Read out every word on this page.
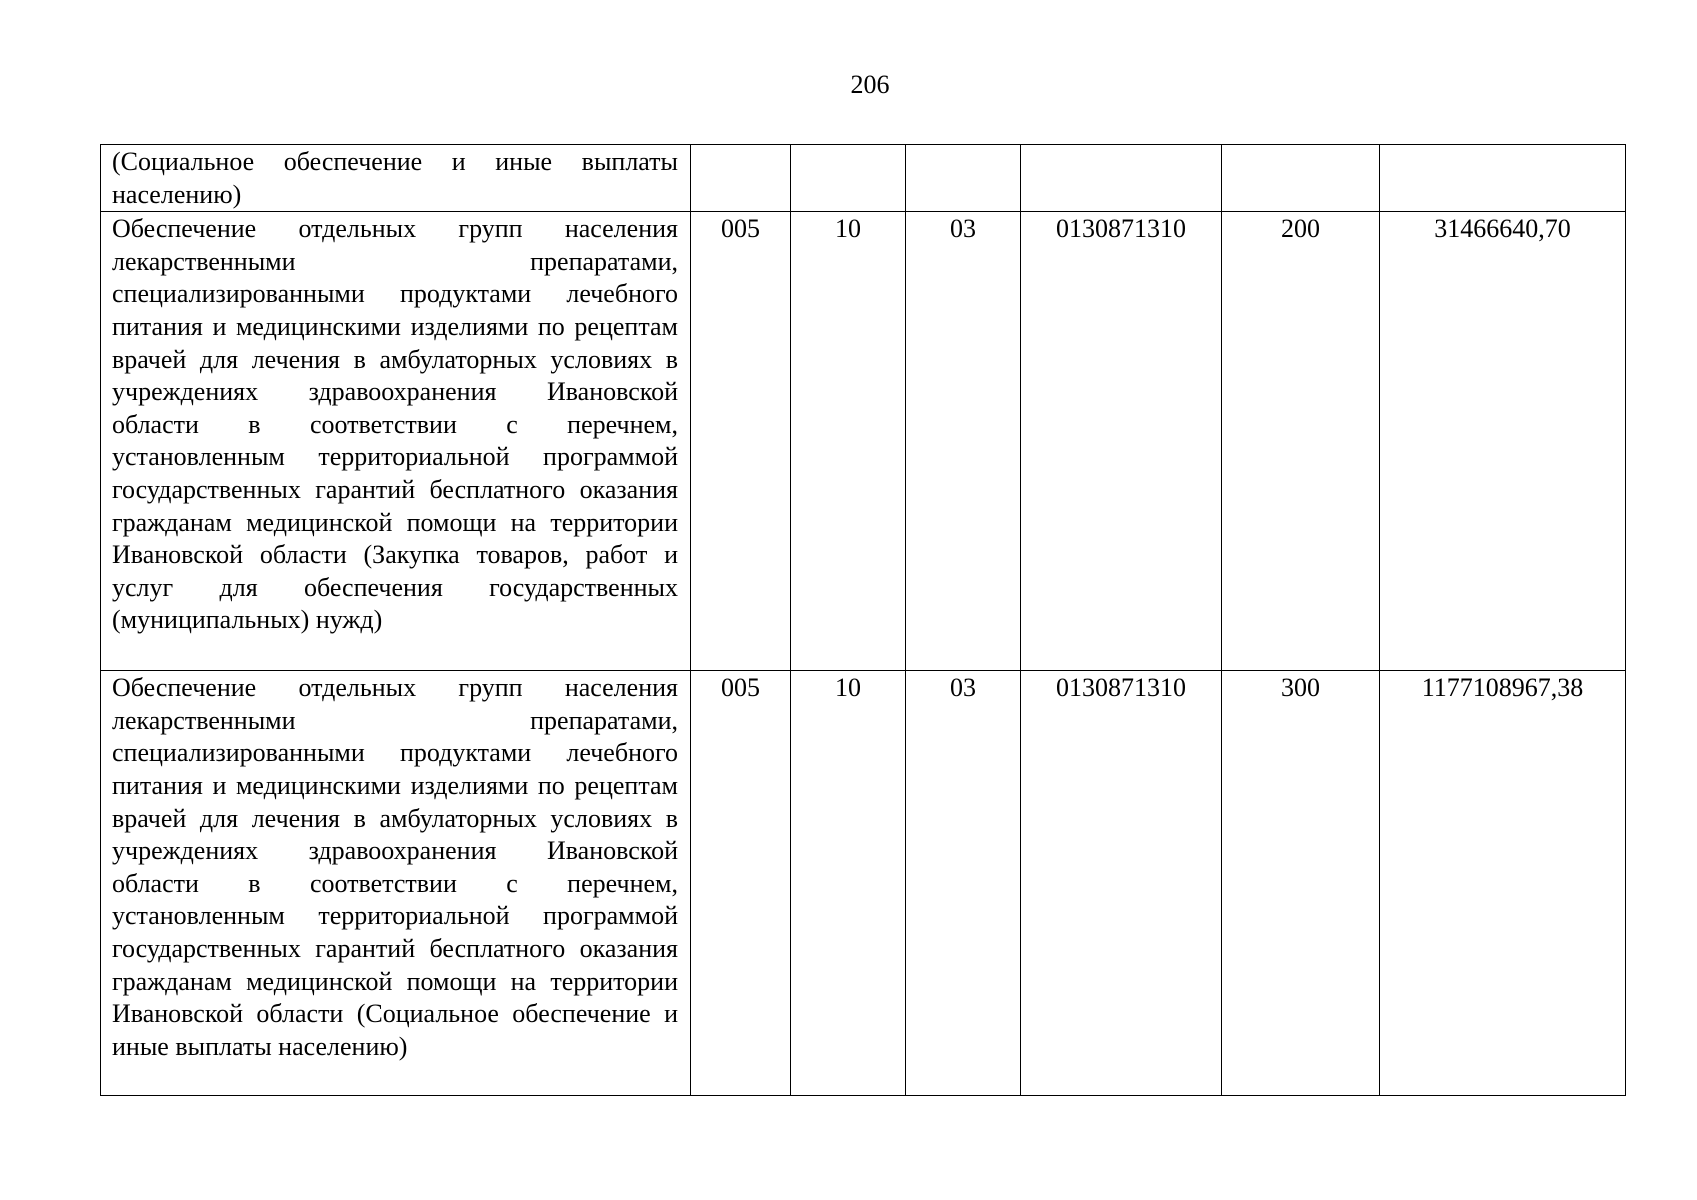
206
(Социальное обеспечение и иные выплаты населению)						
Обеспечение отдельных групп населения лекарственными препаратами, специализированными продуктами лечебного питания и медицинскими изделиями по рецептам врачей для лечения в амбулаторных условиях в учреждениях здравоохранения Ивановской области в соответствии с перечнем, установленным территориальной программой государственных гарантий бесплатного оказания гражданам медицинской помощи на территории Ивановской области (Закупка товаров, работ и услуг для обеспечения государственных (муниципальных) нужд)	005	10	03	0130871310	200	31466640,70
Обеспечение отдельных групп населения лекарственными препаратами, специализированными продуктами лечебного питания и медицинскими изделиями по рецептам врачей для лечения в амбулаторных условиях в учреждениях здравоохранения Ивановской области в соответствии с перечнем, установленным территориальной программой государственных гарантий бесплатного оказания гражданам медицинской помощи на территории Ивановской области (Социальное обеспечение и иные выплаты населению)	005	10	03	0130871310	300	1177108967,38
